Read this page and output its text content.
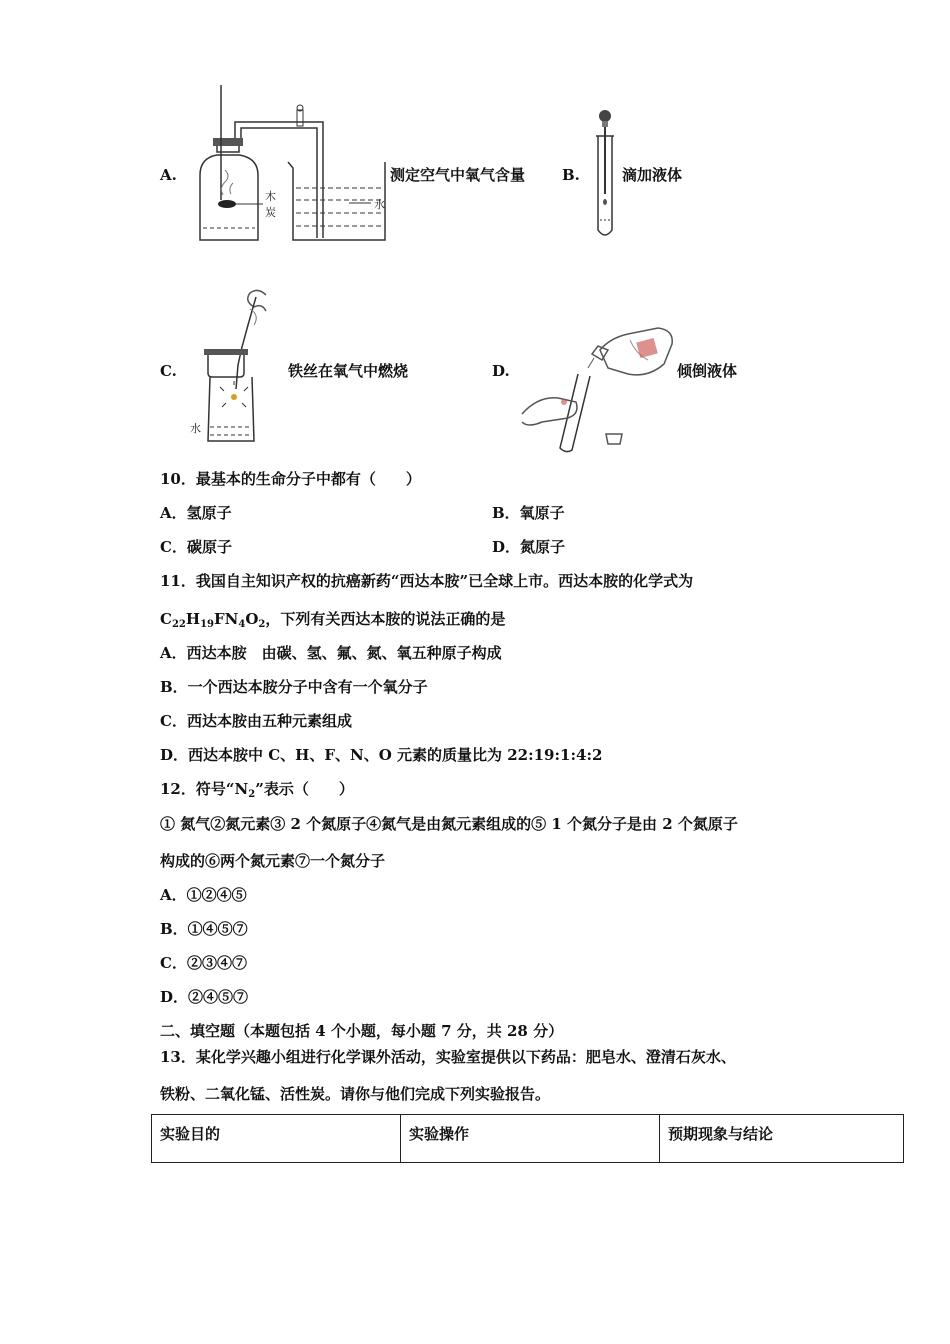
A.
木
炭
水
测定空气中氧气含量 B.	滴加液体
C.
水
铁丝在氧气中燃烧	D.	倾倒液体
10．最基本的生命分子中都有（　　）
A．氢原子	B．氧原子
C．碳原子	D．氮原子
11．我国自主知识产权的抗癌新药“西达本胺”已全球上市。西达本胺的化学式为
$C_{22}H_{19}FN_4O_2$，下列有关西达本胺的说法正确的是
A．西达本胺　由碳、氢、氟、氮、氧五种原子构成
B．一个西达本胺分子中含有一个氧分子
C．西达本胺由五种元素组成
D．西达本胺中 C、H、F、N、O 元素的质量比为 22:19:1:4:2
12．符号“$N_2$”表示（　　）
① 氮气②氮元素③ 2 个氮原子④氮气是由氮元素组成的⑤ 1 个氮分子是由 2 个氮原子
构成的⑥两个氮元素⑦一个氮分子
A．①②④⑤
B．①④⑤⑦
C．②③④⑦
D．②④⑤⑦
二、填空题（本题包括 4 个小题，每小题 7 分，共 28 分）
13．某化学兴趣小组进行化学课外活动，实验室提供以下药品：肥皂水、澄清石灰水、
铁粉、二氧化锰、活性炭。请你与他们完成下列实验报告。
实验目的	实验操作	预期现象与结论
